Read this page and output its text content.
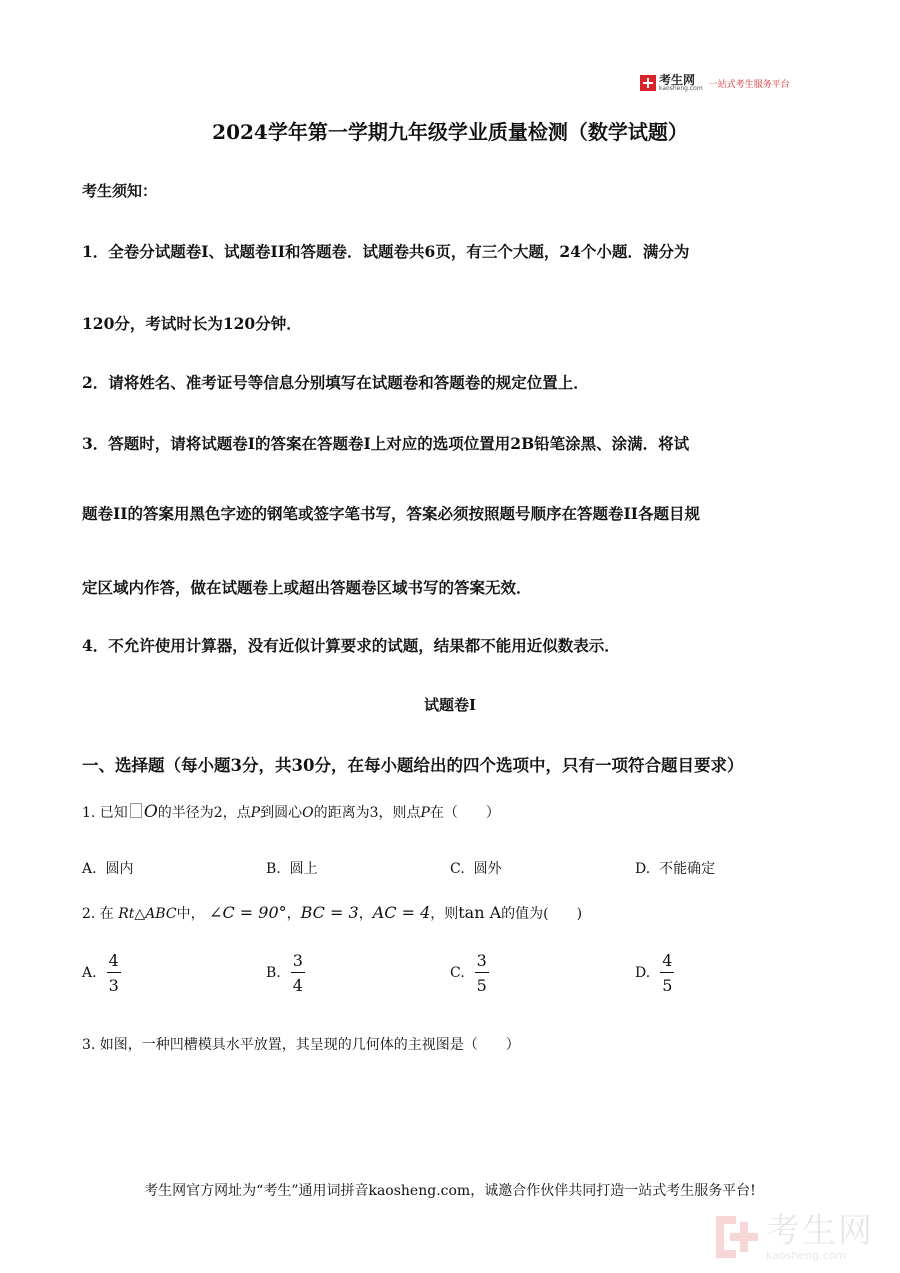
考生网
kaosheng.com 一站式考生服务平台
2024学年第一学期九年级学业质量检测（数学试题）
考生须知：
1．全卷分试题卷I、试题卷II和答题卷．试题卷共6页，有三个大题，24个小题．满分为
120分，考试时长为120分钟．
2．请将姓名、准考证号等信息分别填写在试题卷和答题卷的规定位置上．
3．答题时，请将试题卷I的答案在答题卷I上对应的选项位置用2B铅笔涂黑、涂满．将试
题卷II的答案用黑色字迹的钢笔或签字笔书写，答案必须按照题号顺序在答题卷II各题目规
定区域内作答，做在试题卷上或超出答题卷区域书写的答案无效．
4．不允许使用计算器，没有近似计算要求的试题，结果都不能用近似数表示．
试题卷I
一、选择题（每小题3分，共30分，在每小题给出的四个选项中，只有一项符合题目要求）
1. 已知 O的半径为2，点P到圆心O的距离为3，则点P在（　　）
A. 圆内	B. 圆上	C. 圆外	D. 不能确定
2. 在 Rt△ABC中， ∠C = 90°，BC = 3，AC = 4，则tan A的值为(　　)
A. $\frac{4}{3}$	B. $\frac{3}{4}$	C. $\frac{3}{5}$	D. $\frac{4}{5}$
3. 如图，一种凹槽模具水平放置，其呈现的几何体的主视图是（　　）
考生网官方网址为“考生”通用词拼音kaosheng.com，诚邀合作伙伴共同打造一站式考生服务平台!
考生网
kaosheng.com
